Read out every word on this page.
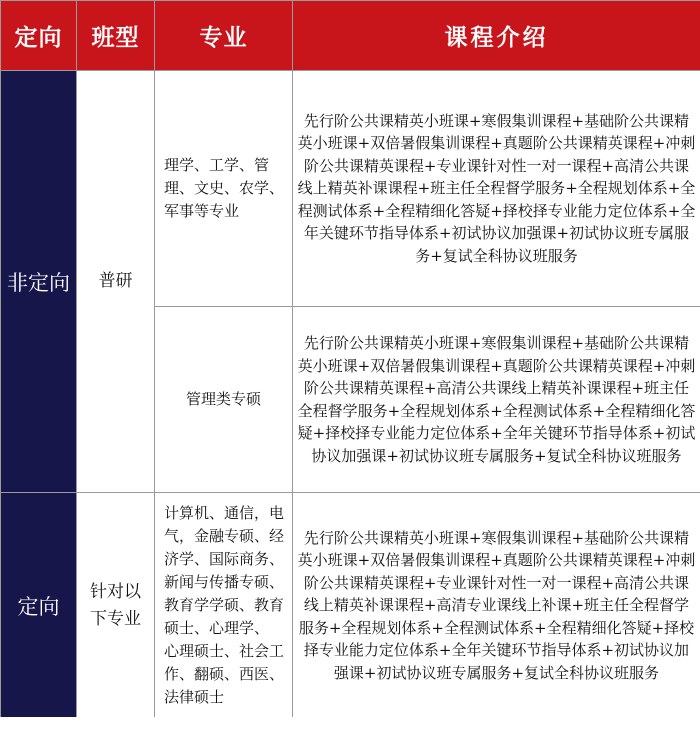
定向	班型	专业	课程介绍
非定向	普研	理学、工学、管理、文史、农学、军事等专业	先行阶公共课精英小班课+寒假集训课程+基础阶公共课精英小班课+双倍暑假集训课程+真题阶公共课精英课程+冲刺阶公共课精英课程+专业课针对性一对一课程+高清公共课线上精英补课课程+班主任全程督学服务+全程规划体系+全程测试体系+全程精细化答疑+择校择专业能力定位体系+全年关键环节指导体系+初试协议加强课+初试协议班专属服务+复试全科协议班服务
		管理类专硕	先行阶公共课精英小班课+寒假集训课程+基础阶公共课精英小班课+双倍暑假集训课程+真题阶公共课精英课程+冲刺阶公共课精英课程+高清公共课线上精英补课课程+班主任全程督学服务+全程规划体系+全程测试体系+全程精细化答疑+择校择专业能力定位体系+全年关键环节指导体系+初试协议加强课+初试协议班专属服务+复试全科协议班服务
定向	针对以下专业	计算机、通信，电气，金融专硕、经济学、国际商务、新闻与传播专硕、教育学学硕、教育硕士、心理学、 心理硕士、社会工作、翻硕、西医、法律硕士	先行阶公共课精英小班课+寒假集训课程+基础阶公共课精英小班课+双倍暑假集训课程+真题阶公共课精英课程+冲刺阶公共课精英课程+专业课针对性一对一课程+高清公共课线上精英补课课程+高清专业课线上补课+班主任全程督学服务+全程规划体系+全程测试体系+全程精细化答疑+择校择专业能力定位体系+全年关键环节指导体系+初试协议加强课+初试协议班专属服务+复试全科协议班服务
